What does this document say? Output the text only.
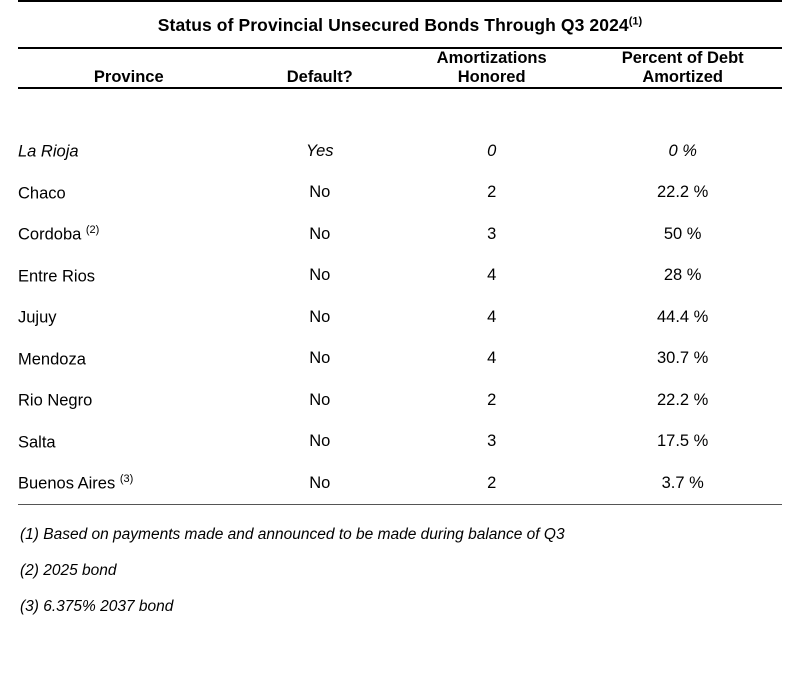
Status of Provincial Unsecured Bonds Through Q3 2024$^{(1)}$
		Amortizations	Percent of Debt
Province	Default?	Honored	Amortized

La Rioja	Yes	0	0 %
Chaco	No	2	22.2 %
Cordoba $^{(2)}$	No	3	50 %
Entre Rios	No	4	28 %
Jujuy	No	4	44.4 %
Mendoza	No	4	30.7 %
Rio Negro	No	2	22.2 %
Salta	No	3	17.5 %
Buenos Aires $^{(3)}$	No	2	3.7 %
(1) Based on payments made and announced to be made during balance of Q3
(2) 2025 bond
(3) 6.375% 2037 bond
